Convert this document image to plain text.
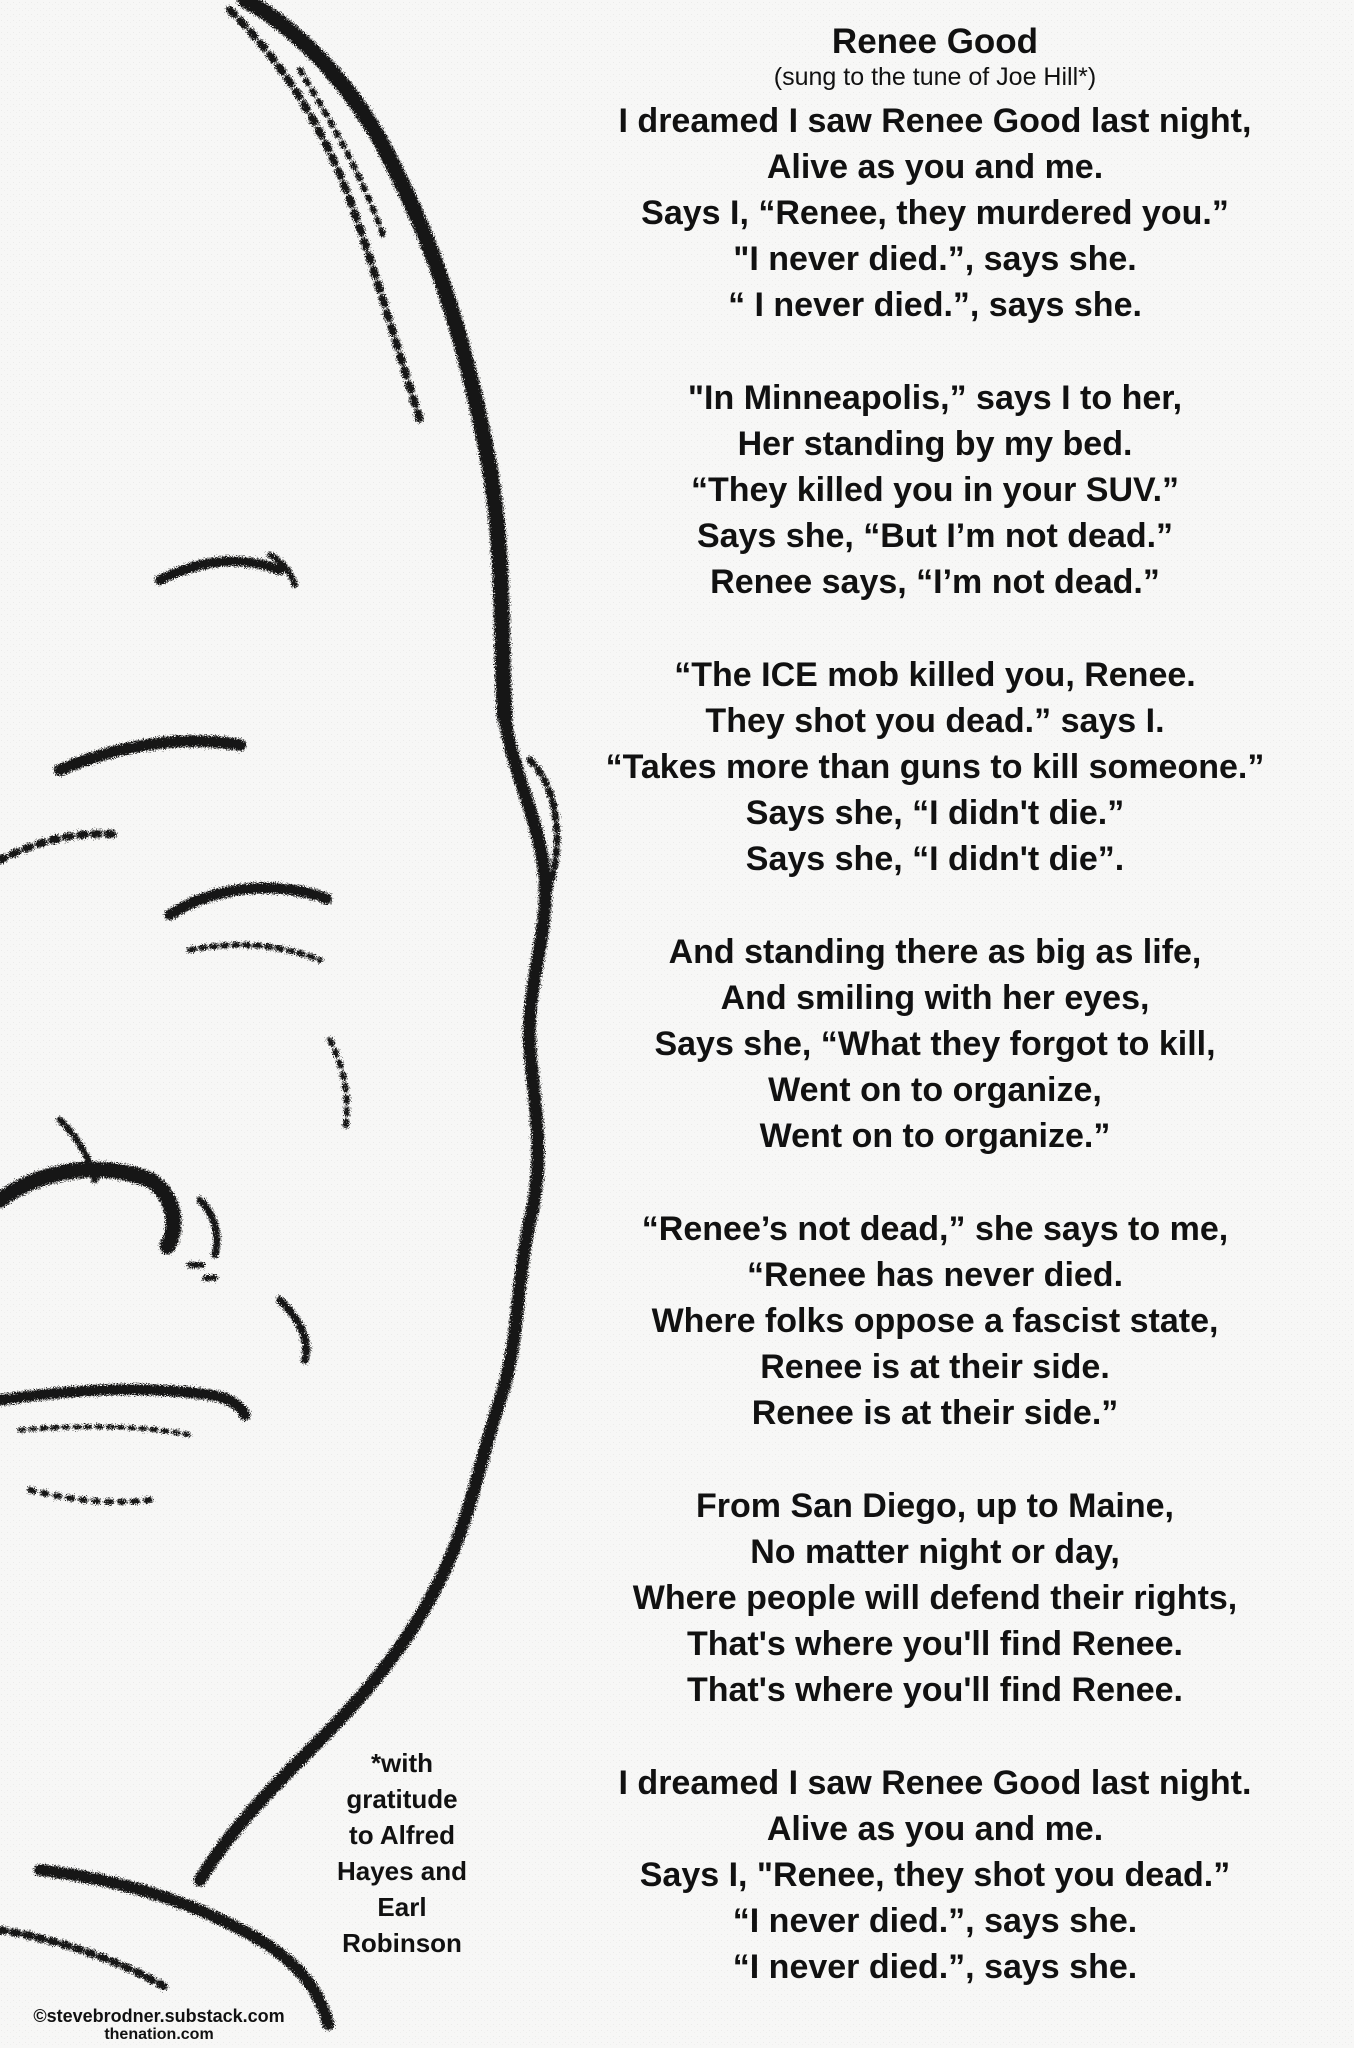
Renee Good
(sung to the tune of Joe Hill*)
I dreamed I saw Renee Good last night,
Alive as you and me.
Says I, “Renee, they murdered you.”
"I never died.”, says she.
“ I never died.”, says she.
"In Minneapolis,” says I to her,
Her standing by my bed.
“They killed you in your SUV.”
Says she, “But I’m not dead.”
Renee says, “I’m not dead.”
“The ICE mob killed you, Renee.
They shot you dead.” says I.
“Takes more than guns to kill someone.”
Says she, “I didn't die.”
Says she, “I didn't die”.
And standing there as big as life,
And smiling with her eyes,
Says she, “What they forgot to kill,
Went on to organize,
Went on to organize.”
“Renee’s not dead,” she says to me,
“Renee has never died.
Where folks oppose a fascist state,
Renee is at their side.
Renee is at their side.”
From San Diego, up to Maine,
No matter night or day,
Where people will defend their rights,
That's where you'll find Renee.
That's where you'll find Renee.
I dreamed I saw Renee Good last night.
Alive as you and me.
Says I, "Renee, they shot you dead.”
“I never died.”, says she.
“I never died.”, says she.
*with
gratitude
to Alfred
Hayes and
Earl
Robinson
©stevebrodner.substack.com
thenation.com
